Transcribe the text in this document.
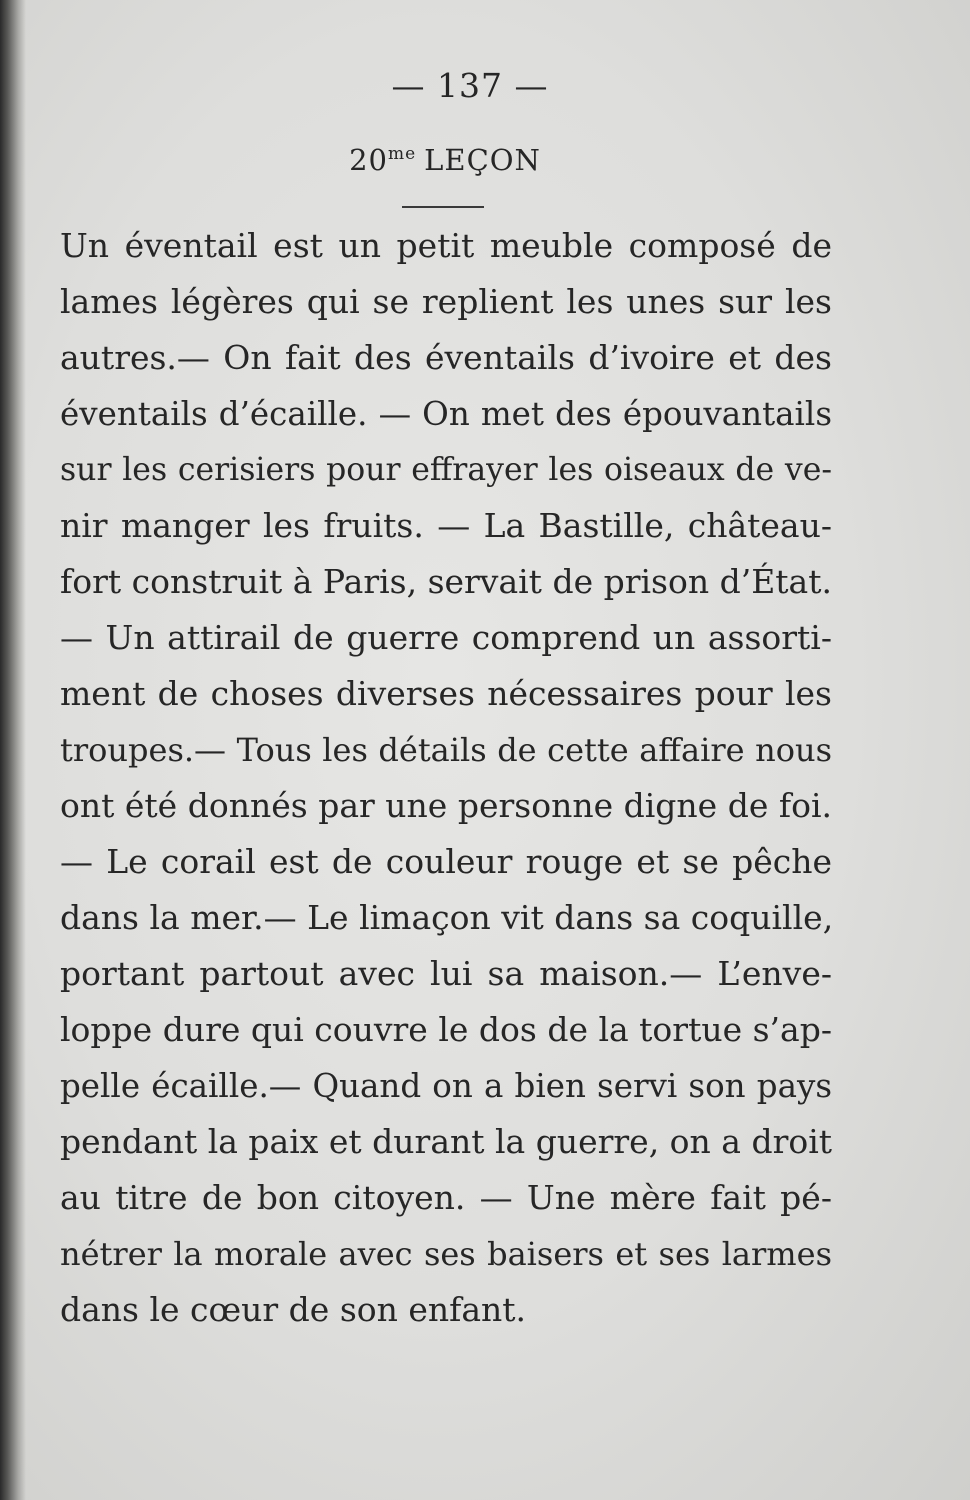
— 137 —
$20^{me}$ LEÇON
Un éventail est un petit meuble composé de
lames légères qui se replient les unes sur les
autres.— On fait des éventails d’ivoire et des
éventails d’écaille. — On met des épouvantails
sur les cerisiers pour effrayer les oiseaux de ve-
nir manger les fruits. — La Bastille, château-
fort construit à Paris, servait de prison d’État.
— Un attirail de guerre comprend un assorti-
ment de choses diverses nécessaires pour les
troupes.— Tous les détails de cette affaire nous
ont été donnés par une personne digne de foi.
— Le corail est de couleur rouge et se pêche
dans la mer.— Le limaçon vit dans sa coquille,
portant partout avec lui sa maison.— L’enve-
loppe dure qui couvre le dos de la tortue s’ap-
pelle écaille.— Quand on a bien servi son pays
pendant la paix et durant la guerre, on a droit
au titre de bon citoyen. — Une mère fait pé-
nétrer la morale avec ses baisers et ses larmes
dans le cœur de son enfant.
